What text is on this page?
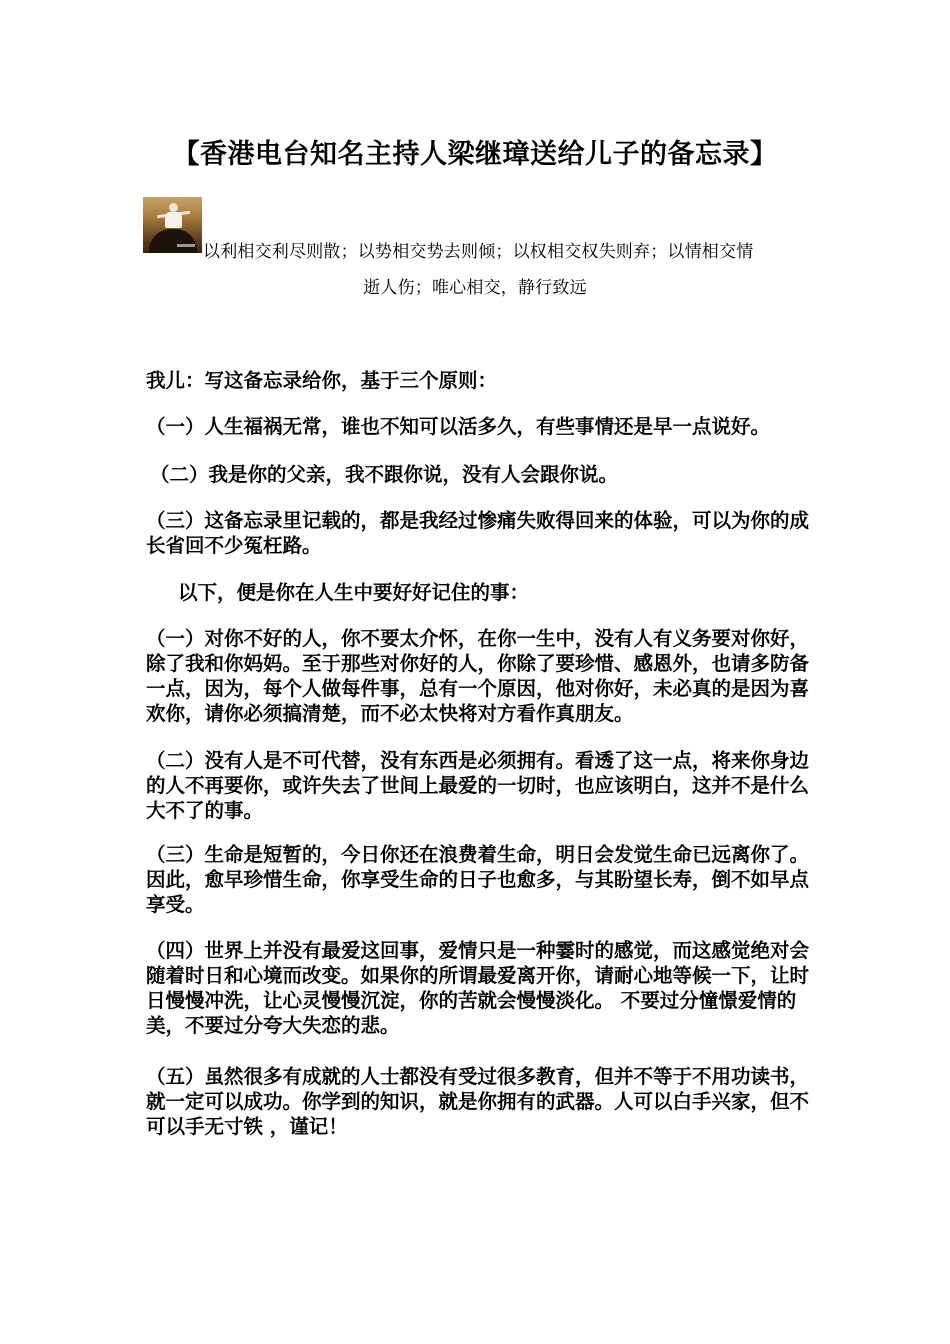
【香港电台知名主持人梁继璋送给儿子的备忘录】
以利相交利尽则散；以势相交势去则倾；以权相交权失则弃；以情相交情
逝人伤；唯心相交，静行致远

我儿：写这备忘录给你，基于三个原则：

（一）人生福祸无常，谁也不知可以活多久，有些事情还是早一点说好。

（二）我是你的父亲，我不跟你说，没有人会跟你说。

（三）这备忘录里记载的，都是我经过惨痛失败得回来的体验，可以为你的成长省回不少冤枉路。

以下，便是你在人生中要好好记住的事：

（一）对你不好的人，你不要太介怀，在你一生中，没有人有义务要对你好，除了我和你妈妈。至于那些对你好的人，你除了要珍惜、感恩外，也请多防备一点，因为，每个人做每件事，总有一个原因，他对你好，未必真的是因为喜欢你，请你必须搞清楚，而不必太快将对方看作真朋友。

（二）没有人是不可代替，没有东西是必须拥有。看透了这一点，将来你身边的人不再要你，或许失去了世间上最爱的一切时，也应该明白，这并不是什么大不了的事。

（三）生命是短暂的，今日你还在浪费着生命，明日会发觉生命已远离你了。因此，愈早珍惜生命，你享受生命的日子也愈多，与其盼望长寿，倒不如早点享受。

（四）世界上并没有最爱这回事，爱情只是一种霎时的感觉，而这感觉绝对会随着时日和心境而改变。如果你的所谓最爱离开你，请耐心地等候一下，让时日慢慢冲洗，让心灵慢慢沉淀，你的苦就会慢慢淡化。 不要过分憧憬爱情的美，不要过分夸大失恋的悲。

（五）虽然很多有成就的人士都没有受过很多教育，但并不等于不用功读书，就一定可以成功。你学到的知识，就是你拥有的武器。人可以白手兴家，但不可以手无寸铁 ，谨记！
